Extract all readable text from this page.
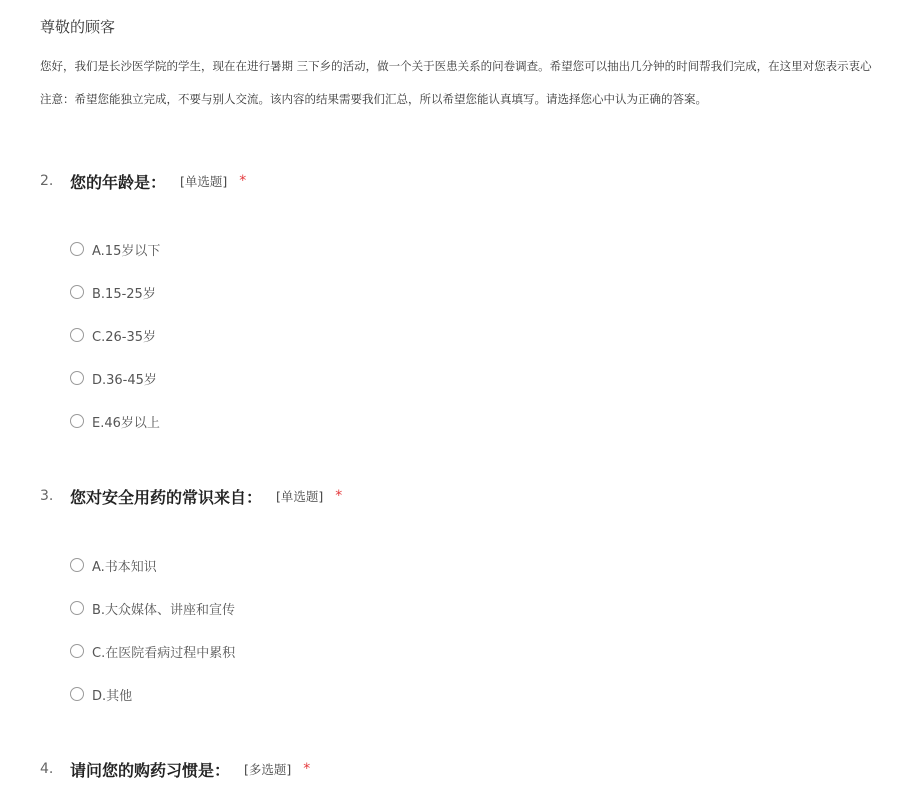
尊敬的顾客
您好，我们是长沙医学院的学生，现在在进行暑期 三下乡的活动，做一个关于医患关系的问卷调查。希望您可以抽出几分钟的时间帮我们完成，在这里对您表示衷心
注意：希望您能独立完成，不要与别人交流。该内容的结果需要我们汇总，所以希望您能认真填写。请选择您心中认为正确的答案。
2.	您的年龄是： [单选题] *
A.15岁以下
B.15-25岁
C.26-35岁
D.36-45岁
E.46岁以上
3.	您对安全用药的常识来自： [单选题] *
A.书本知识
B.大众媒体、讲座和宣传
C.在医院看病过程中累积
D.其他
4.	请问您的购药习惯是： [多选题] *
